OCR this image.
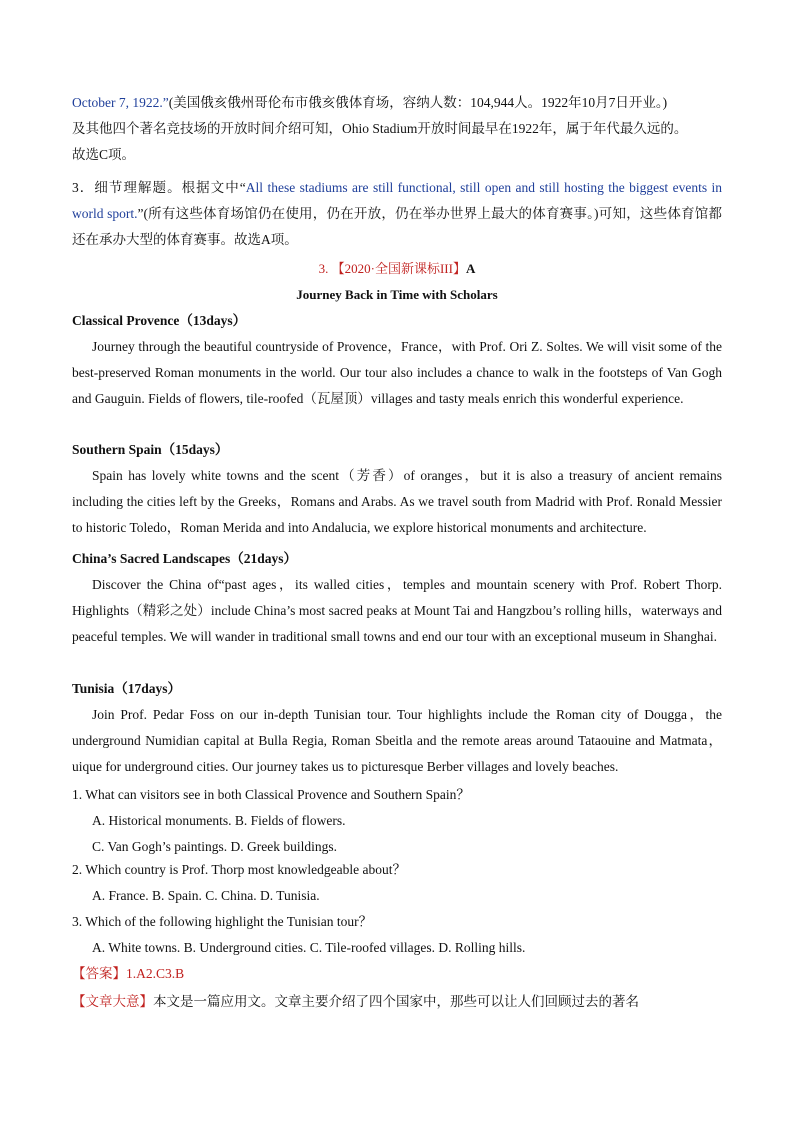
October 7, 1922.”(美国俄亥俄州哥伦布市俄亥俄体育场，容纳人数：104,944人。1922年10月7日开业。)
及其他四个著名竞技场的开放时间介绍可知，Ohio Stadium开放时间最早在1922年，属于年代最久远的。
故选C项。
3．细节理解题。根据文中“All these stadiums are still functional, still open and still hosting the biggest events in world sport.”(所有这些体育场馆仍在使用，仍在开放，仍在举办世界上最大的体育赛事。)可知，这些体育馆都还在承办大型的体育赛事。故选A项。
3. 【2020·全国新课标III】A
Journey Back in Time with Scholars
Classical Provence（13days）
Journey through the beautiful countryside of Provence，France，with Prof. Ori Z. Soltes. We will visit some of the best-preserved Roman monuments in the world. Our tour also includes a chance to walk in the footsteps of Van Gogh and Gauguin. Fields of flowers, tile-roofed（瓦屋顶）villages and tasty meals enrich this wonderful experience.
Southern Spain（15days）
Spain has lovely white towns and the scent（芳香）of oranges，but it is also a treasury of ancient remains including the cities left by the Greeks，Romans and Arabs. As we travel south from Madrid with Prof. Ronald Messier to historic Toledo，Roman Merida and into Andalucia, we explore historical monuments and architecture.
China’s Sacred Landscapes（21days）
Discover the China of“past ages，its walled cities，temples and mountain scenery with Prof. Robert Thorp. Highlights（精彩之处）include China’s most sacred peaks at Mount Tai and Hangzbou’s rolling hills，waterways and peaceful temples. We will wander in traditional small towns and end our tour with an exceptional museum in Shanghai.
Tunisia（17days）
Join Prof. Pedar Foss on our in-depth Tunisian tour. Tour highlights include the Roman city of Dougga，the underground Numidian capital at Bulla Regia, Roman Sbeitla and the remote areas around Tataouine and Matmata，uique for underground cities. Our journey takes us to picturesque Berber villages and lovely beaches.
1. What can visitors see in both Classical Provence and Southern Spain？
A. Historical monuments. B. Fields of flowers.
C. Van Gogh’s paintings. D. Greek buildings.
2. Which country is Prof. Thorp most knowledgeable about？
A. France. B. Spain. C. China. D. Tunisia.
3. Which of the following highlight the Tunisian tour？
A. White towns. B. Underground cities. C. Tile-roofed villages. D. Rolling hills.
【答案】1.A2.C3.B
【文章大意】本文是一篇应用文。文章主要介绍了四个国家中，那些可以让人们回顾过去的著名
